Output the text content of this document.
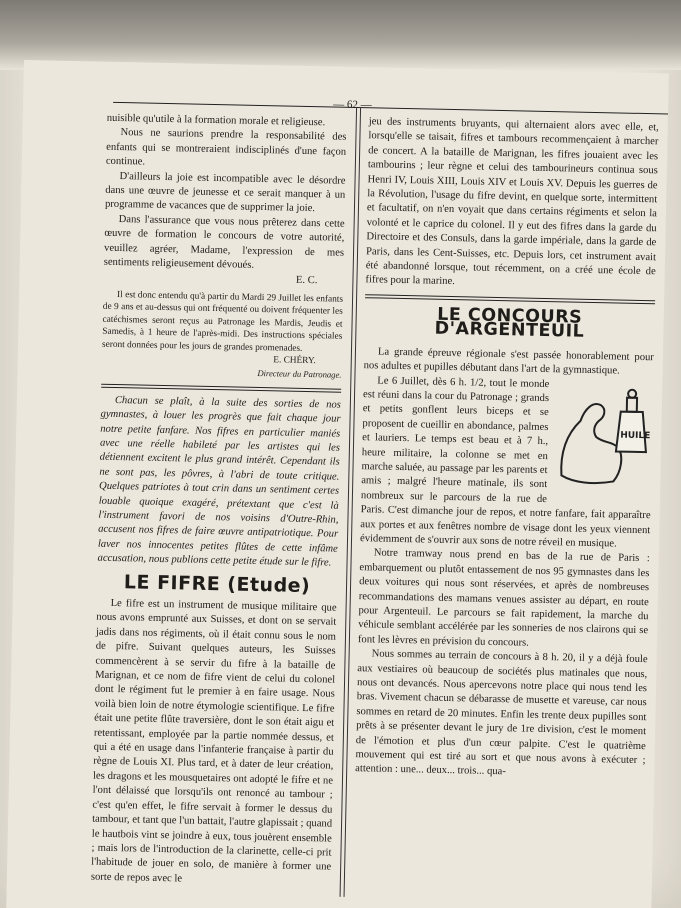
— 62 —

nuisible qu'utile à la formation morale et religieuse.

Nous ne saurions prendre la responsabilité des enfants qui se montreraient indisciplinés d'une façon continue.

D'ailleurs la joie est incompatible avec le désordre dans une œuvre de jeunesse et ce serait manquer à un programme de vacances que de supprimer la joie.

Dans l'assurance que vous nous prêterez dans cette œuvre de formation le concours de votre autorité, veuillez agréer, Madame, l'expression de mes sentiments religieusement dévoués.

E. C.

Il est donc entendu qu'à partir du Mardi 29 Juillet les enfants de 9 ans et au-dessus qui ont fréquenté ou doivent fréquenter les catéchismes seront reçus au Patronage les Mardis, Jeudis et Samedis, à 1 heure de l'après-midi. Des instructions spéciales seront données pour les jours de grandes promenades.

E. CHÉRY.

Directeur du Patronage.

Chacun se plaît, à la suite des sorties de nos gymnastes, à louer les progrès que fait chaque jour notre petite fanfare. Nos fifres en particulier maniés avec une réelle habileté par les artistes qui les détiennent excitent le plus grand intérêt. Cependant ils ne sont pas, les pôvres, à l'abri de toute critique. Quelques patriotes à tout crin dans un sentiment certes louable quoique exagéré, prétextant que c'est là l'instrument favori de nos voisins d'Outre-Rhin, accusent nos fifres de faire œuvre antipatriotique. Pour laver nos innocentes petites flûtes de cette infâme accusation, nous publions cette petite étude sur le fifre.

LE FIFRE (Etude)

Le fifre est un instrument de musique militaire que nous avons emprunté aux Suisses, et dont on se servait jadis dans nos régiments, où il était connu sous le nom de pifre. Suivant quelques auteurs, les Suisses commencèrent à se servir du fifre à la bataille de Marignan, et ce nom de fifre vient de celui du colonel dont le régiment fut le premier à en faire usage. Nous voilà bien loin de notre étymologie scientifique. Le fifre était une petite flûte traversière, dont le son était aigu et retentissant, employée par la partie nommée dessus, et qui a été en usage dans l'infanterie française à partir du règne de Louis XI. Plus tard, et à dater de leur création, les dragons et les mousquetaires ont adopté le fifre et ne l'ont délaissé que lorsqu'ils ont renoncé au tambour ; c'est qu'en effet, le fifre servait à former le dessus du tambour, et tant que l'un battait, l'autre glapissait ; quand le hautbois vint se joindre à eux, tous jouèrent ensemble ; mais lors de l'introduction de la clarinette, celle-ci prit l'habitude de jouer en solo, de manière à former une sorte de repos avec le

jeu des instruments bruyants, qui alternaient alors avec elle, et, lorsqu'elle se taisait, fifres et tambours recommençaient à marcher de concert. A la bataille de Marignan, les fifres jouaient avec les tambourins ; leur règne et celui des tambourineurs continua sous Henri IV, Louis XIII, Louis XIV et Louis XV. Depuis les guerres de la Révolution, l'usage du fifre devint, en quelque sorte, intermittent et facultatif, on n'en voyait que dans certains régiments et selon la volonté et le caprice du colonel. Il y eut des fifres dans la garde du Directoire et des Consuls, dans la garde impériale, dans la garde de Paris, dans les Cent-Suisses, etc. Depuis lors, cet instrument avait été abandonné lorsque, tout récemment, on a créé une école de fifres pour la marine.

LE CONCOURS D'ARGENTEUIL

La grande épreuve régionale s'est passée honorablement pour nos adultes et pupilles débutant dans l'art de la gymnastique.

HUILE

Le 6 Juillet, dès 6 h. 1/2, tout le monde est réuni dans la cour du Patronage ; grands et petits gonflent leurs biceps et se proposent de cueillir en abondance, palmes et lauriers. Le temps est beau et à 7 h., heure militaire, la colonne se met en marche saluée, au passage par les parents et amis ; malgré l'heure matinale, ils sont nombreux sur le parcours de la rue de Paris. C'est dimanche jour de repos, et notre fanfare, fait apparaître aux portes et aux fenêtres nombre de visage dont les yeux viennent évidemment de s'ouvrir aux sons de notre réveil en musique.

Notre tramway nous prend en bas de la rue de Paris : embarquement ou plutôt entassement de nos 95 gymnastes dans les deux voitures qui nous sont réservées, et après de nombreuses recommandations des mamans venues assister au départ, en route pour Argenteuil. Le parcours se fait rapidement, la marche du véhicule semblant accélérée par les sonneries de nos clairons qui se font les lèvres en prévision du concours.

Nous sommes au terrain de concours à 8 h. 20, il y a déjà foule aux vestiaires où beaucoup de sociétés plus matinales que nous, nous ont devancés. Nous apercevons notre place qui nous tend les bras. Vivement chacun se débarasse de musette et vareuse, car nous sommes en retard de 20 minutes. Enfin les trente deux pupilles sont prêts à se présenter devant le jury de 1re division, c'est le moment de l'émotion et plus d'un cœur palpite. C'est le quatrième mouvement qui est tiré au sort et que nous avons à exécuter ; attention : une... deux... trois... qua-
